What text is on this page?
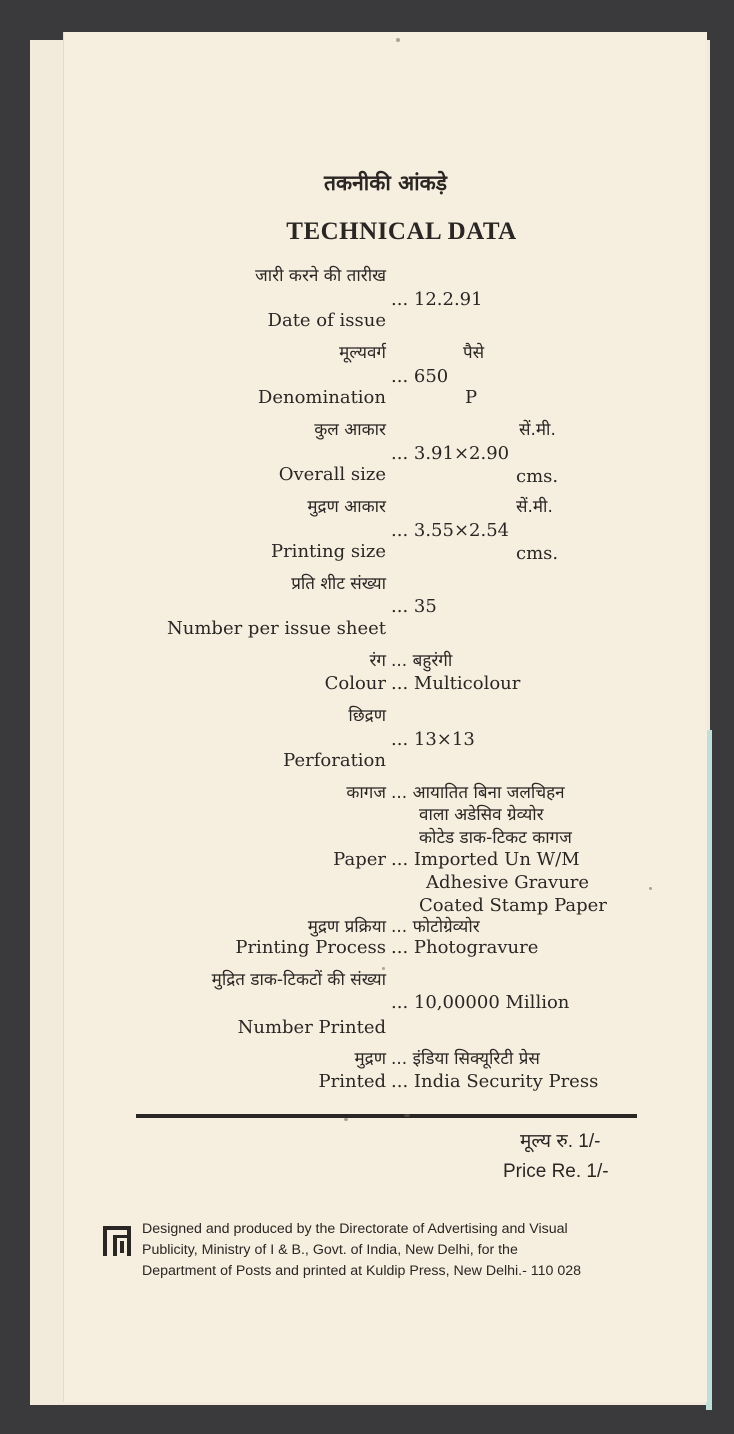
तकनीकी आंकड़े
TECHNICAL DATA
जारी करने की तारीख
... 12.2.91
Date of issue
मूल्यवर्ग	पैसे
... 650
Denomination	P
कुल आकार	सें.मी.
... 3.91×2.90
Overall size	cms.
मुद्रण आकार	सें.मी.
... 3.55×2.54
Printing size	cms.
प्रति शीट संख्या
... 35
Number per issue sheet
रंग ... बहुरंगी
Colour ... Multicolour
छिद्रण
... 13×13
Perforation
कागज ... आयातित बिना जलचिहन
वाला अडेसिव ग्रेव्योर
कोटेड डाक-टिकट कागज
Paper ... Imported Un W/M
Adhesive Gravure
Coated Stamp Paper
मुद्रण प्रक्रिया ... फोटोग्रेव्योर
Printing Process ... Photogravure
मुद्रित डाक-टिकटों की संख्या
... 10,00000 Million
Number Printed
मुद्रण ... इंडिया सिक्यूरिटी प्रेस
Printed ... India Security Press
मूल्य रु. 1/-
Price Re. 1/-

Designed and produced by the Directorate of Advertising and Visual

Publicity, Ministry of I & B., Govt. of India, New Delhi, for the

Department of Posts and printed at Kuldip Press, New Delhi.- 110 028
